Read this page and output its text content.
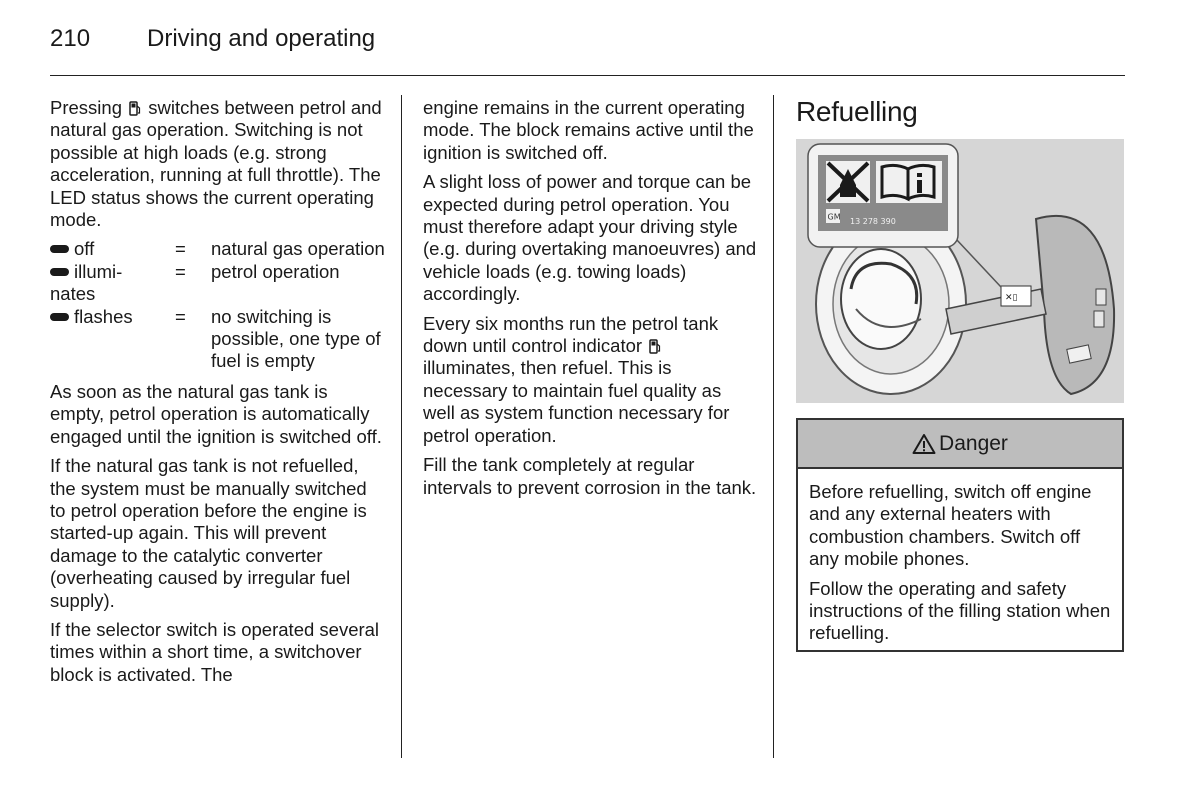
210 Driving and operating

Pressing switches between petrol and natural gas operation. Switching is not possible at high loads (e.g. strong acceleration, running at full throttle). The LED status shows the current operating mode.

off	= natural gas operation
illumi-	= petrol operation
nates
flashes	= no switching is possible, one type of fuel is empty

As soon as the natural gas tank is empty, petrol operation is automatically engaged until the ignition is switched off.

If the natural gas tank is not refuelled, the system must be manually switched to petrol operation before the engine is started-up again. This will prevent damage to the catalytic converter (overheating caused by irregular fuel supply).

If the selector switch is operated several times within a short time, a switchover block is activated. The

engine remains in the current operating mode. The block remains active until the ignition is switched off.

A slight loss of power and torque can be expected during petrol operation. You must therefore adapt your driving style (e.g. during overtaking manoeuvres) and vehicle loads (e.g. towing loads) accordingly.

Every six months run the petrol tank down until control indicator  illuminates, then refuel. This is necessary to maintain fuel quality as well as system function necessary for petrol operation.

Fill the tank completely at regular intervals to prevent corrosion in the tank.

Refuelling
✕▯
GM 13 278 390
Danger

Before refuelling, switch off engine and any external heaters with combustion chambers. Switch off any mobile phones.

Follow the operating and safety instructions of the filling station when refuelling.
